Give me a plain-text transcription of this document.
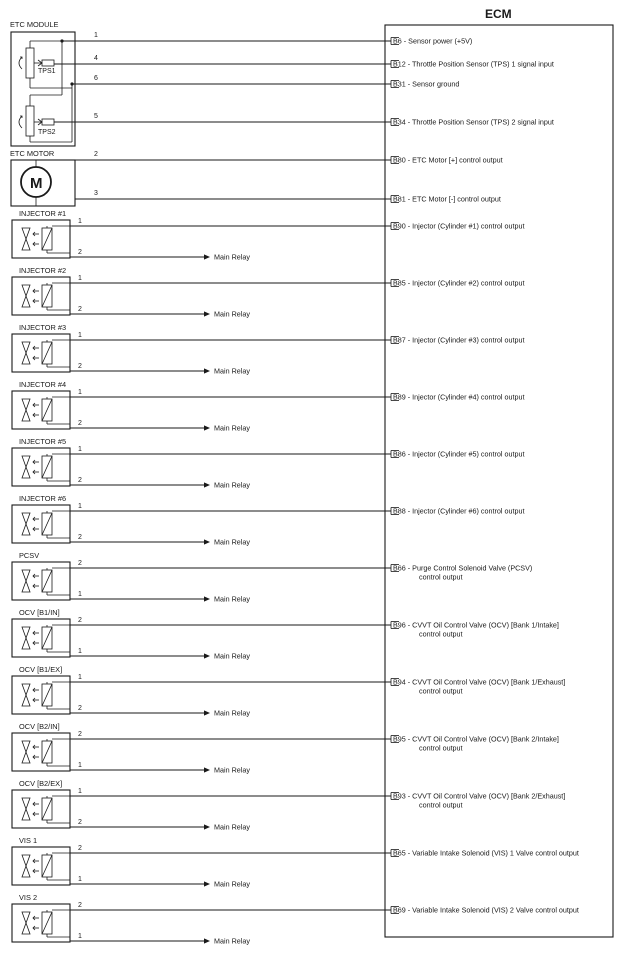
ECM
ETC MODULE
TPS1
TPS2
ETC MOTOR
M
1
B6 - Sensor power (+5V)
4
B12 - Throttle Position Sensor (TPS) 1 signal input
6
B31 - Sensor ground
5
B34 - Throttle Position Sensor (TPS) 2 signal input
2
B80 - ETC Motor [+] control output
3
B81 - ETC Motor [-] control output
INJECTOR #1
1	B90 - Injector (Cylinder #1) control output
2	Main Relay
INJECTOR #2
1	B85 - Injector (Cylinder #2) control output
2	Main Relay
INJECTOR #3
1	B87 - Injector (Cylinder #3) control output
2	Main Relay
INJECTOR #4
1	B89 - Injector (Cylinder #4) control output
2	Main Relay
INJECTOR #5
1	B86 - Injector (Cylinder #5) control output
2	Main Relay
INJECTOR #6
1	B88 - Injector (Cylinder #6) control output
2	Main Relay
PCSV
2	B66 - Purge Control Solenoid Valve (PCSV)
control output
1	Main Relay
OCV [B1/IN]
2	B96 - CVVT Oil Control Valve (OCV) [Bank 1/Intake]
control output
1	Main Relay
OCV [B1/EX]
1	B94 - CVVT Oil Control Valve (OCV) [Bank 1/Exhaust]
control output
2	Main Relay
OCV [B2/IN]
2	B95 - CVVT Oil Control Valve (OCV) [Bank 2/Intake]
control output
1	Main Relay
OCV [B2/EX]
1	B93 - CVVT Oil Control Valve (OCV) [Bank 2/Exhaust]
control output
2	Main Relay
VIS 1
2	B65 - Variable Intake Solenoid (VIS) 1 Valve control output
1	Main Relay
VIS 2
2	B69 - Variable Intake Solenoid (VIS) 2 Valve control output
1	Main Relay
